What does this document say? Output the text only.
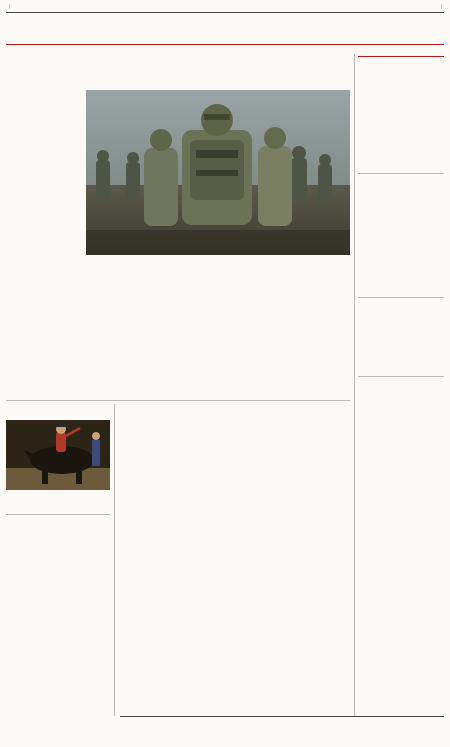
|	|
